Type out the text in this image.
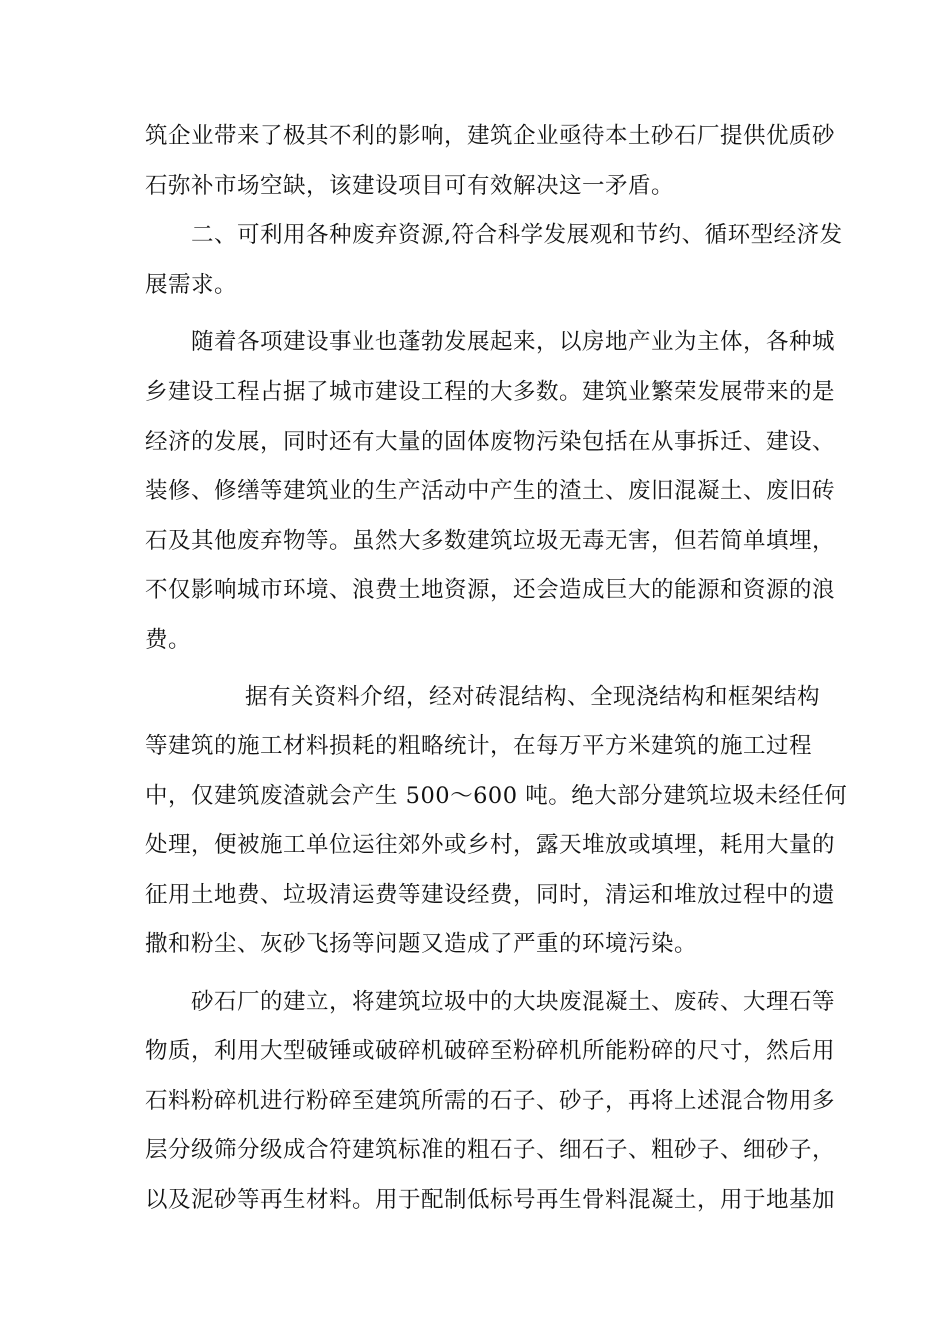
筑企业带来了极其不利的影响，建筑企业亟待本土砂石厂提供优质砂
石弥补市场空缺，该建设项目可有效解决这一矛盾。
二、可利用各种废弃资源,符合科学发展观和节约、循环型经济发
展需求。
随着各项建设事业也蓬勃发展起来，以房地产业为主体，各种城
乡建设工程占据了城市建设工程的大多数。建筑业繁荣发展带来的是
经济的发展，同时还有大量的固体废物污染包括在从事拆迁、建设、
装修、修缮等建筑业的生产活动中产生的渣土、废旧混凝土、废旧砖
石及其他废弃物等。虽然大多数建筑垃圾无毒无害，但若简单填埋，
不仅影响城市环境、浪费土地资源，还会造成巨大的能源和资源的浪
费。
据有关资料介绍，经对砖混结构、全现浇结构和框架结构
等建筑的施工材料损耗的粗略统计，在每万平方米建筑的施工过程
中，仅建筑废渣就会产生 500～600 吨。绝大部分建筑垃圾未经任何
处理，便被施工单位运往郊外或乡村，露天堆放或填埋，耗用大量的
征用土地费、垃圾清运费等建设经费，同时，清运和堆放过程中的遗
撒和粉尘、灰砂飞扬等问题又造成了严重的环境污染。
砂石厂的建立，将建筑垃圾中的大块废混凝土、废砖、大理石等
物质，利用大型破锤或破碎机破碎至粉碎机所能粉碎的尺寸，然后用
石料粉碎机进行粉碎至建筑所需的石子、砂子，再将上述混合物用多
层分级筛分级成合符建筑标准的粗石子、细石子、粗砂子、细砂子，
以及泥砂等再生材料。用于配制低标号再生骨料混凝土，用于地基加
